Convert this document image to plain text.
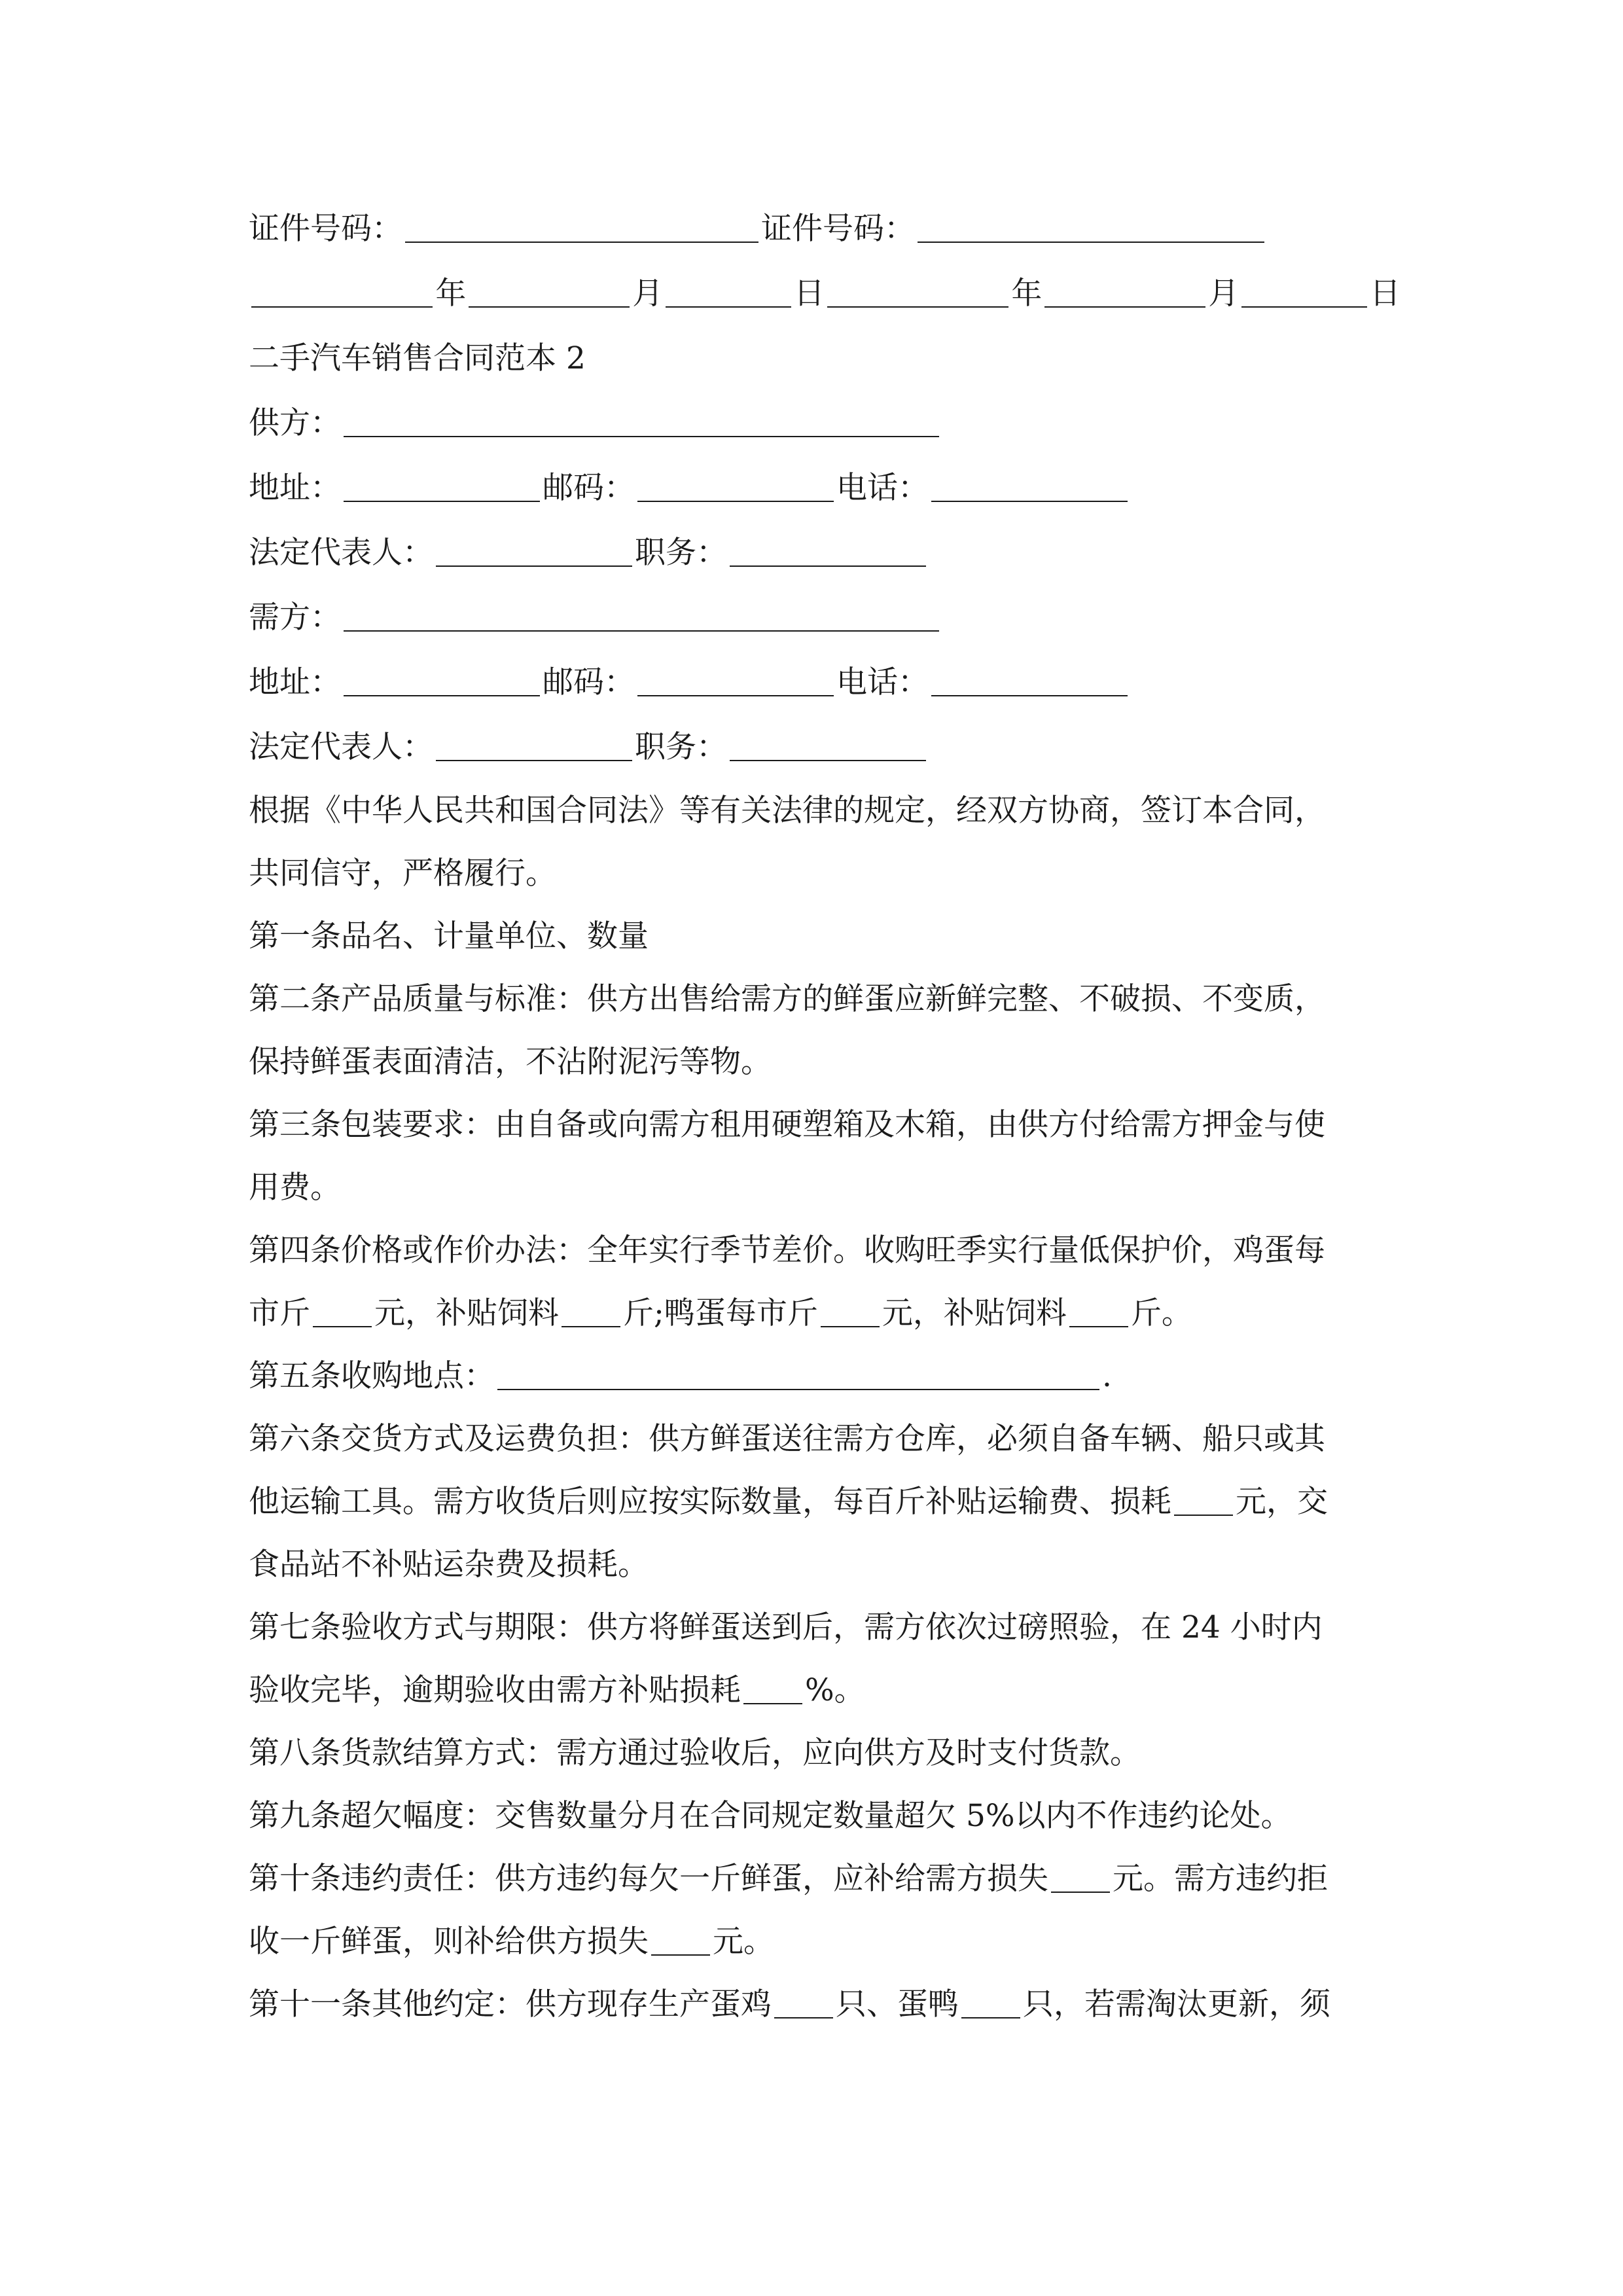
证件号码：	证件号码：
年	月	日	年	月	日
二手汽车销售合同范本 2
供方：
地址：	邮码：	电话：
法定代表人：	职务：
需方：
地址：	邮码：	电话：
法定代表人：	职务：
根据《中华人民共和国合同法》等有关法律的规定，经双方协商，签订本合同，
共同信守，严格履行。
第一条品名、计量单位、数量
第二条产品质量与标准：供方出售给需方的鲜蛋应新鲜完整、不破损、不变质，
保持鲜蛋表面清洁，不沾附泥污等物。
第三条包装要求：由自备或向需方租用硬塑箱及木箱，由供方付给需方押金与使
用费。
第四条价格或作价办法：全年实行季节差价。收购旺季实行量低保护价，鸡蛋每
市斤 元，补贴饲料 斤;鸭蛋每市斤 元，补贴饲料 斤。
第五条收购地点：	.
第六条交货方式及运费负担：供方鲜蛋送往需方仓库，必须自备车辆、船只或其
他运输工具。需方收货后则应按实际数量，每百斤补贴运输费、损耗 元，交
食品站不补贴运杂费及损耗。
第七条验收方式与期限：供方将鲜蛋送到后，需方依次过磅照验，在 24 小时内
验收完毕，逾期验收由需方补贴损耗 %。
第八条货款结算方式：需方通过验收后，应向供方及时支付货款。
第九条超欠幅度：交售数量分月在合同规定数量超欠 5%以内不作违约论处。
第十条违约责任：供方违约每欠一斤鲜蛋，应补给需方损失 元。需方违约拒
收一斤鲜蛋，则补给供方损失 元。
第十一条其他约定：供方现存生产蛋鸡 只、蛋鸭 只，若需淘汰更新，须
